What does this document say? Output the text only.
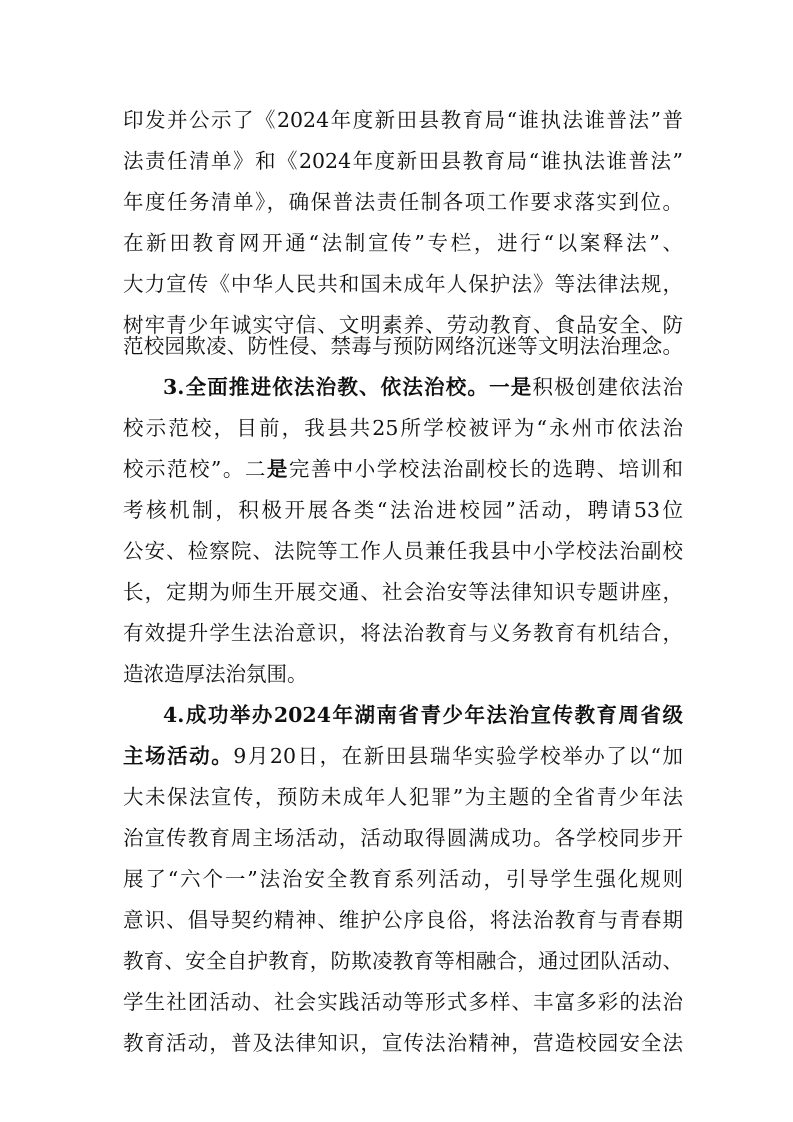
印发并公示了《2024年度新田县教育局“谁执法谁普法”普
法责任清单》和《2024年度新田县教育局“谁执法谁普法”
年度任务清单》，确保普法责任制各项工作要求落实到位。
在新田教育网开通“法制宣传”专栏，进行“以案释法”、
大力宣传《中华人民共和国未成年人保护法》等法律法规，
树牢青少年诚实守信、文明素养、劳动教育、食品安全、防
范校园欺凌、防性侵、禁毒与预防网络沉迷等文明法治理念。
3.全面推进依法治教、依法治校。一是积极创建依法治
校示范校，目前，我县共25所学校被评为“永州市依法治
校示范校”。二是完善中小学校法治副校长的选聘、培训和
考核机制，积极开展各类“法治进校园”活动，聘请53位
公安、检察院、法院等工作人员兼任我县中小学校法治副校
长，定期为师生开展交通、社会治安等法律知识专题讲座，
有效提升学生法治意识，将法治教育与义务教育有机结合，
造浓造厚法治氛围。
4.成功举办2024年湖南省青少年法治宣传教育周省级
主场活动。9月20日，在新田县瑞华实验学校举办了以“加
大未保法宣传，预防未成年人犯罪”为主题的全省青少年法
治宣传教育周主场活动，活动取得圆满成功。各学校同步开
展了“六个一”法治安全教育系列活动，引导学生强化规则
意识、倡导契约精神、维护公序良俗，将法治教育与青春期
教育、安全自护教育，防欺凌教育等相融合，通过团队活动、
学生社团活动、社会实践活动等形式多样、丰富多彩的法治
教育活动，普及法律知识，宣传法治精神，营造校园安全法
